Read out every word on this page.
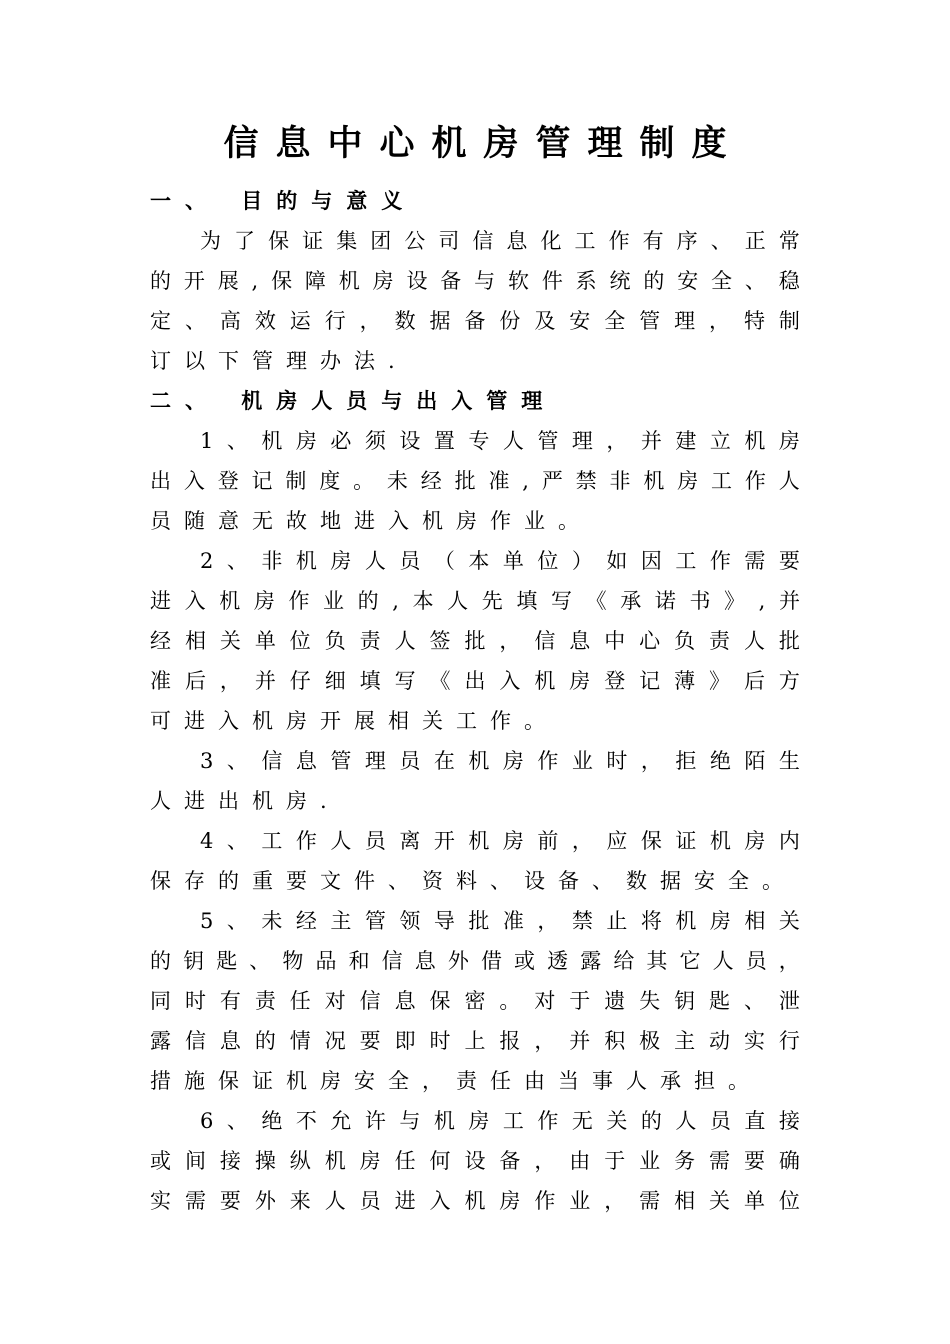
信息中心机房管理制度
一、 目的与意义
为 了 保 证 集 团 公 司 信 息 化 工 作 有 序 、 正 常
的 开 展 , 保 障 机 房 设 备 与 软 件 系 统 的 安 全 、 稳
定 、 高 效 运 行 ， 数 据 备 份 及 安 全 管 理 ， 特 制
订以下管理办法.
二、 机房人员与出入管理
1 、 机 房 必 须 设 置 专 人 管 理 ， 并 建 立 机 房
出 入 登 记 制 度 。 未 经 批 准 , 严 禁 非 机 房 工 作 人
员随意无故地进入机房作业。
2 、 非 机 房 人 员 （ 本 单 位 ） 如 因 工 作 需 要
进 入 机 房 作 业 的 , 本 人 先 填 写 《 承 诺 书 》 , 并
经 相 关 单 位 负 责 人 签 批 ， 信 息 中 心 负 责 人 批
准 后 ， 并 仔 细 填 写 《 出 入 机 房 登 记 薄 》 后 方
可进入机房开展相关工作。
3 、 信 息 管 理 员 在 机 房 作 业 时 ， 拒 绝 陌 生
人进出机房.
4 、 工 作 人 员 离 开 机 房 前 ， 应 保 证 机 房 内
保存的重要文件、资料、设备、数据安全。
5 、 未 经 主 管 领 导 批 准 ， 禁 止 将 机 房 相 关
的 钥 匙 、 物 品 和 信 息 外 借 或 透 露 给 其 它 人 员 ，
同 时 有 责 任 对 信 息 保 密 。 对 于 遗 失 钥 匙 、 泄
露 信 息 的 情 况 要 即 时 上 报 ， 并 积 极 主 动 实 行
措施保证机房安全，责任由当事人承担。
6 、 绝 不 允 许 与 机 房 工 作 无 关 的 人 员 直 接
或 间 接 操 纵 机 房 任 何 设 备 ， 由 于 业 务 需 要 确
实 需 要 外 来 人 员 进 入 机 房 作 业 ， 需 相 关 单 位
